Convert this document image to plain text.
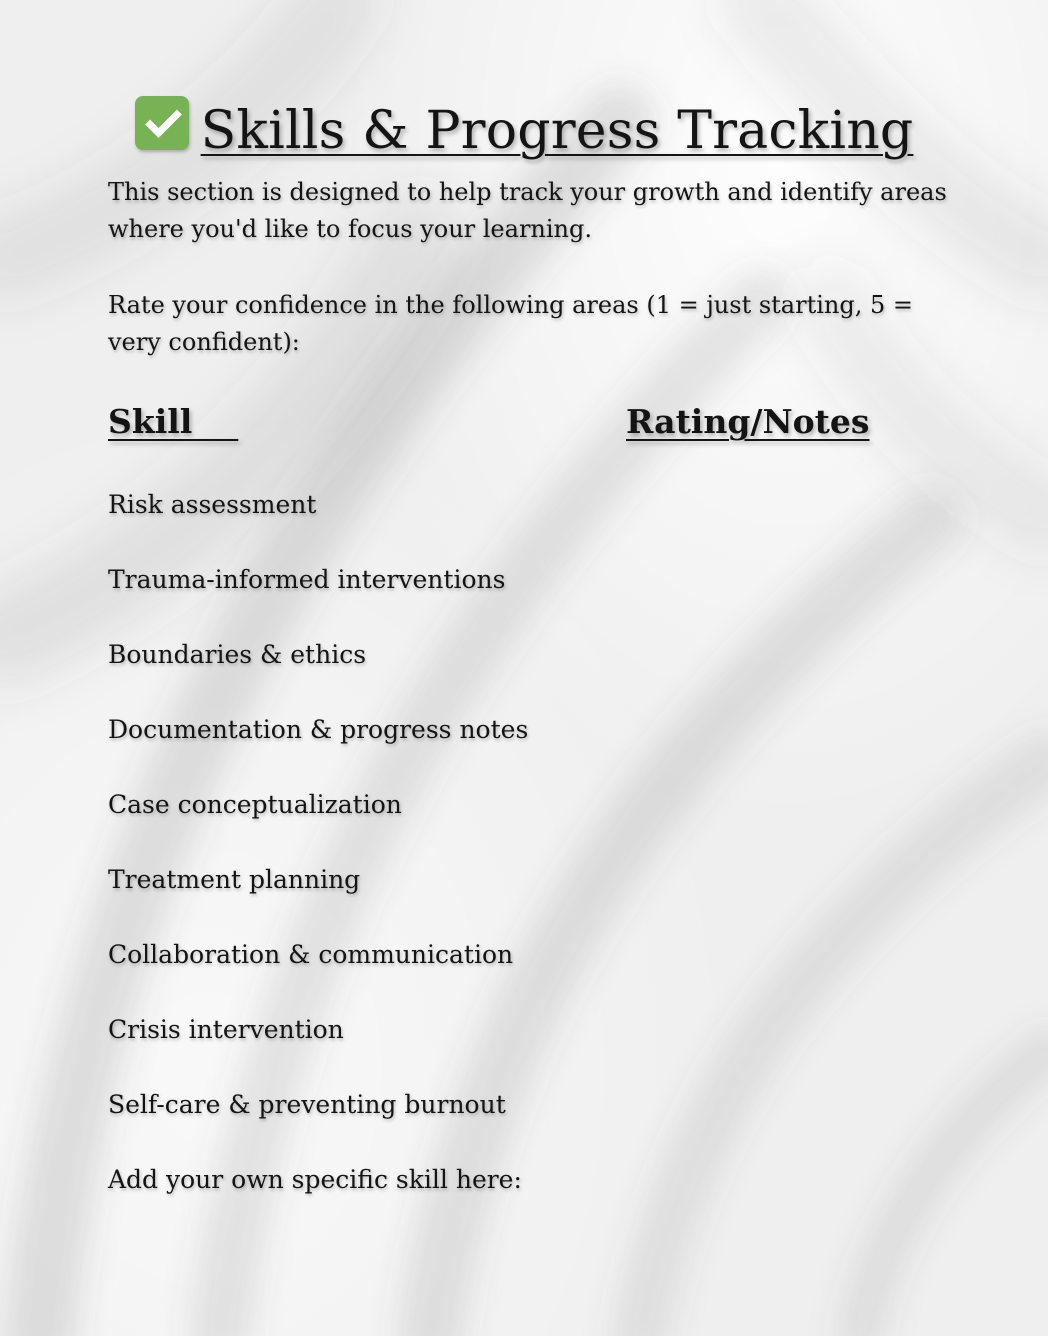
Skills & Progress Tracking

This section is designed to help track your growth and identify areas where you'd like to focus your learning.

Rate your confidence in the following areas (1 = just starting, 5 = very confident):

Skill	Rating/Notes
Risk assessment
Trauma-informed interventions
Boundaries & ethics
Documentation & progress notes
Case conceptualization
Treatment planning
Collaboration & communication
Crisis intervention
Self-care & preventing burnout
Add your own specific skill here:
